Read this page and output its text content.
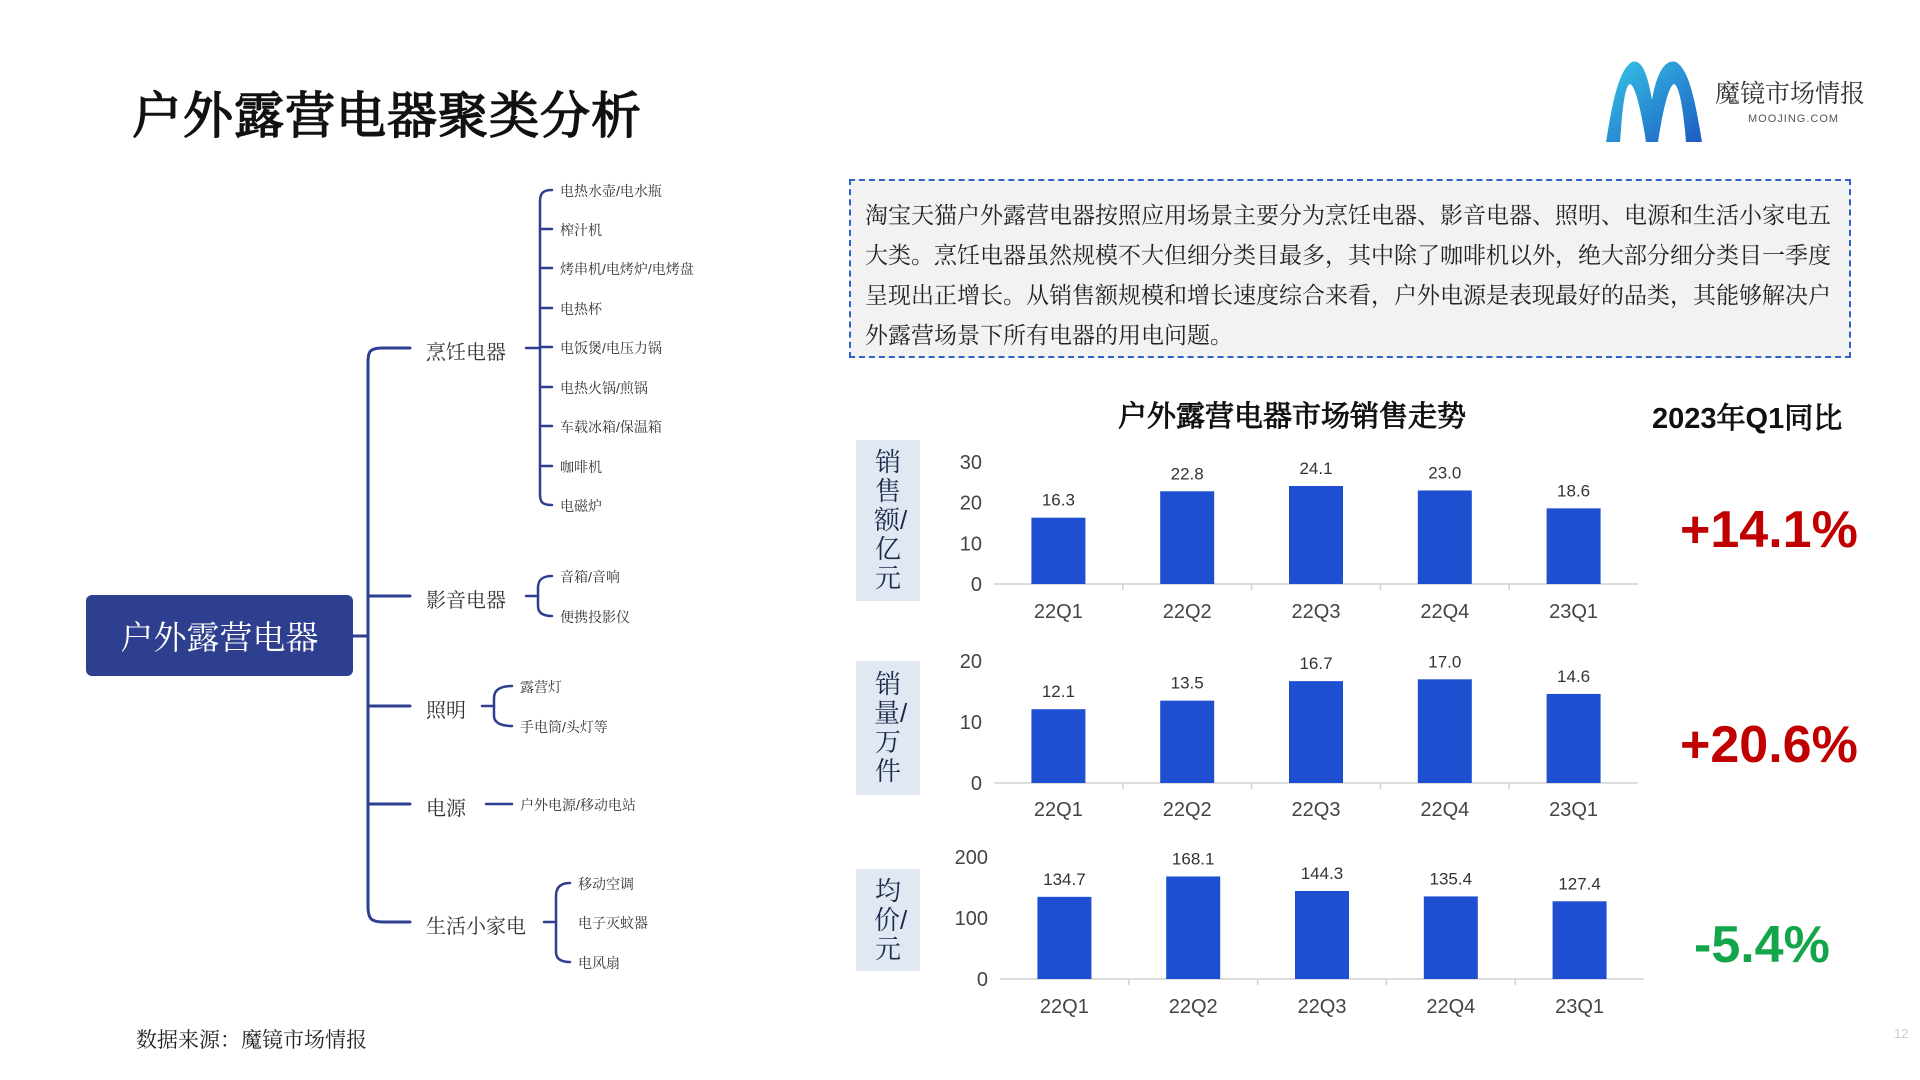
户外露营电器聚类分析	魔镜市场情报
MOOJING.COM

淘宝天猫户外露营电器按照应用场景主要分为烹饪电器、影音电器、照明、电源和生活小家电五大类。烹饪电器虽然规模不大但细分类目最多，其中除了咖啡机以外，绝大部分细分类目一季度呈现出正增长。从销售额规模和增长速度综合来看，户外电源是表现最好的品类，其能够解决户外露营场景下所有电器的用电问题。

户外露营电器
烹饪电器
影音电器
照明
电源
生活小家电
电热水壶/电水瓶
榨汁机
烤串机/电烤炉/电烤盘
电热杯
电饭煲/电压力锅
电热火锅/煎锅
车载冰箱/保温箱
咖啡机
电磁炉
音箱/音响
便携投影仪
露营灯
手电筒/头灯等
户外电源/移动电站
移动空调
电子灭蚊器
电风扇
户外露营电器市场销售走势	2023年Q1同比
销售额/亿元
销量/万件
均价/元
+14.1%
+20.6%
-5.4%
0
10
20
30
16.3
22Q1
22.8
22Q2
24.1
22Q3
23.0
22Q4
18.6
23Q1
0
10
20
12.1
22Q1
13.5
22Q2
16.7
22Q3
17.0
22Q4
14.6
23Q1
0
100
200
134.7
22Q1
168.1
22Q2
144.3
22Q3
135.4
22Q4
127.4
23Q1
数据来源：魔镜市场情报	12
